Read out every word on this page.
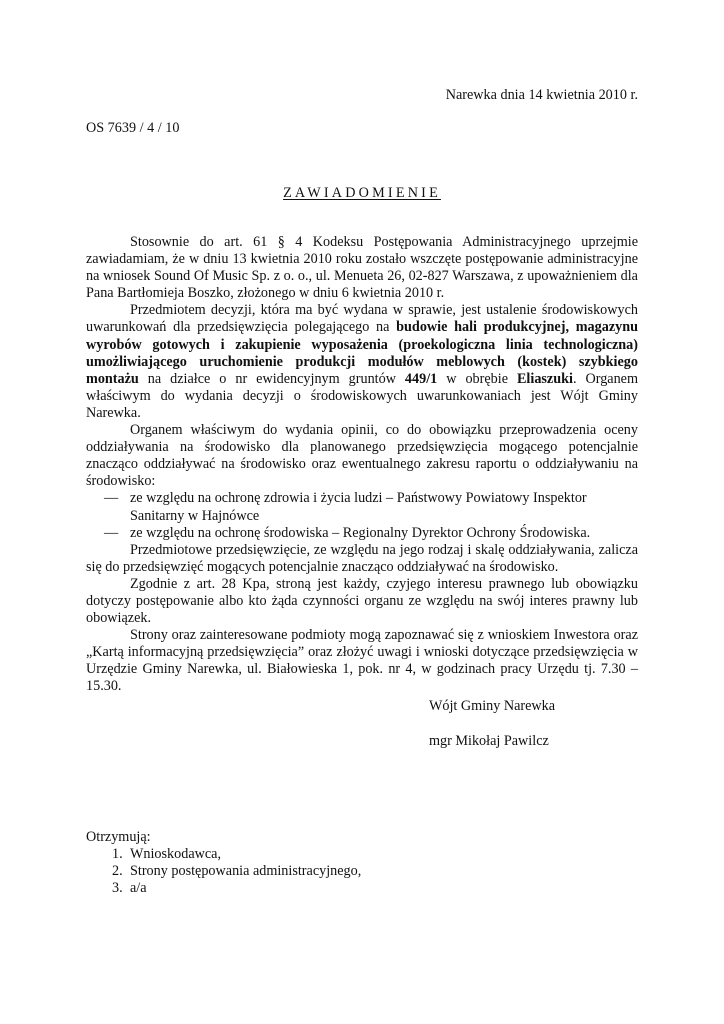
Narewka dnia 14 kwietnia 2010 r.
OS 7639 / 4 / 10
ZAWIADOMIENIE

Stosownie do art. 61 § 4 Kodeksu Postępowania Administracyjnego uprzejmie zawiadamiam, że w dniu 13 kwietnia 2010 roku zostało wszczęte postępowanie administracyjne na wniosek Sound Of Music Sp. z o. o., ul. Menueta 26, 02-827 Warszawa, z upoważnieniem dla Pana Bartłomieja Boszko, złożonego w dniu 6 kwietnia 2010 r.

Przedmiotem decyzji, która ma być wydana w sprawie, jest ustalenie środowiskowych uwarunkowań dla przedsięwzięcia polegającego na budowie hali produkcyjnej, magazynu wyrobów gotowych i zakupienie wyposażenia (proekologiczna linia technologiczna) umożliwiającego uruchomienie produkcji modułów meblowych (kostek) szybkiego montażu na działce o nr ewidencyjnym gruntów 449/1 w obrębie Eliaszuki. Organem właściwym do wydania decyzji o środowiskowych uwarunkowaniach jest Wójt Gminy Narewka.

Organem właściwym do wydania opinii, co do obowiązku przeprowadzenia oceny oddziaływania na środowisko dla planowanego przedsięwzięcia mogącego potencjalnie znacząco oddziaływać na środowisko oraz ewentualnego zakresu raportu o oddziaływaniu na środowisko:

— ze względu na ochronę zdrowia i życia ludzi – Państwowy Powiatowy Inspektor Sanitarny w Hajnówce
— ze względu na ochronę środowiska – Regionalny Dyrektor Ochrony Środowiska.

Przedmiotowe przedsięwzięcie, ze względu na jego rodzaj i skalę oddziaływania, zalicza się do przedsięwzięć mogących potencjalnie znacząco oddziaływać na środowisko.

Zgodnie z art. 28 Kpa, stroną jest każdy, czyjego interesu prawnego lub obowiązku dotyczy postępowanie albo kto żąda czynności organu ze względu na swój interes prawny lub obowiązek.

Strony oraz zainteresowane podmioty mogą zapoznawać się z wnioskiem Inwestora oraz „Kartą informacyjną przedsięwzięcia” oraz złożyć uwagi i wnioski dotyczące przedsięwzięcia w Urzędzie Gminy Narewka, ul. Białowieska 1, pok. nr 4, w godzinach pracy Urzędu tj. 7.30 – 15.30.

Wójt Gminy Narewka
mgr Mikołaj Pawilcz
Otrzymują:
1. Wnioskodawca,
2. Strony postępowania administracyjnego,
3. a/a
